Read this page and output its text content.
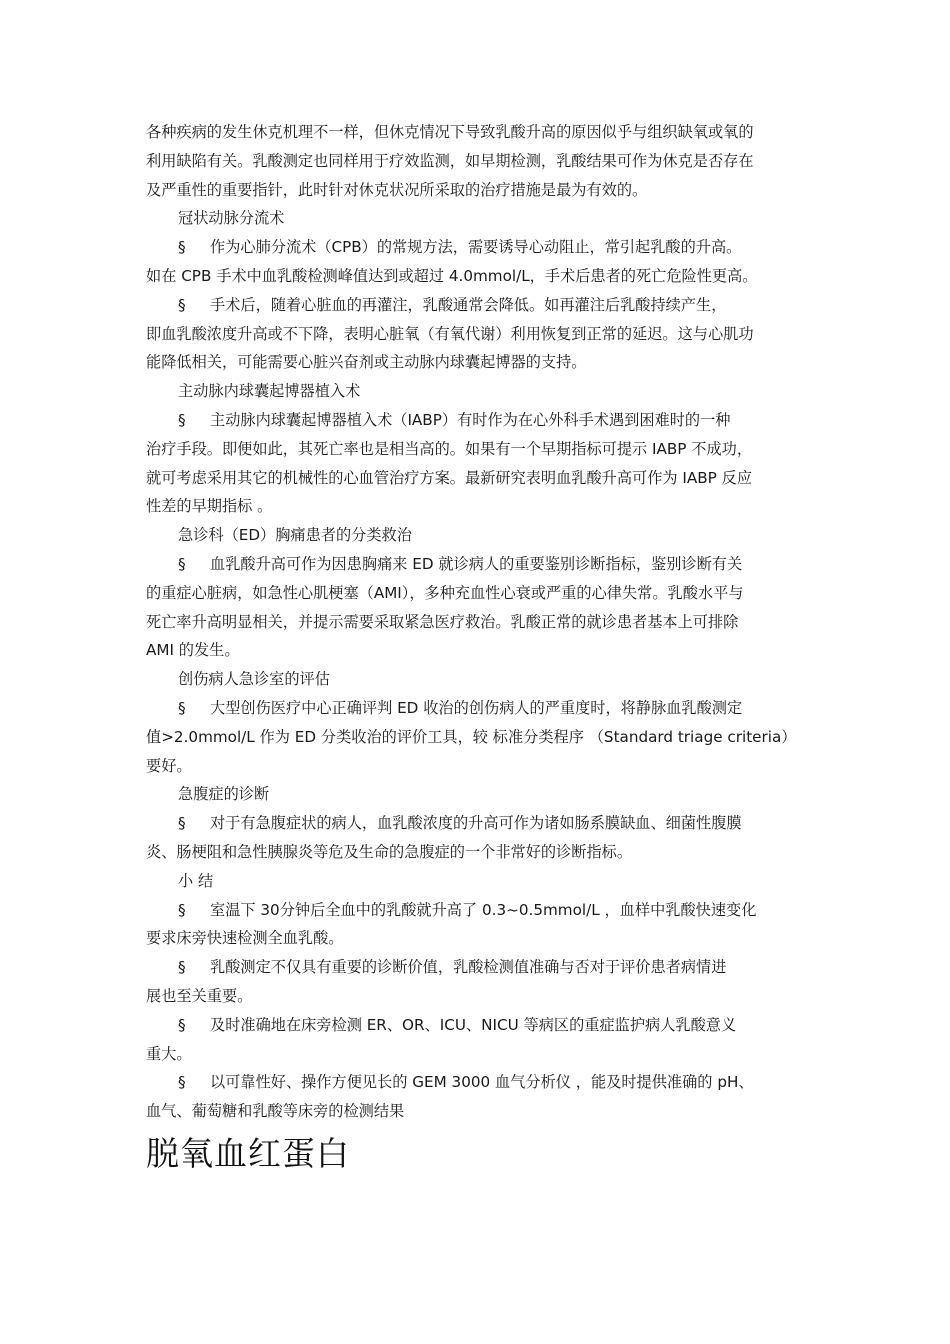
各种疾病的发生休克机理不一样，但休克情况下导致乳酸升高的原因似乎与组织缺氧或氧的
利用缺陷有关。乳酸测定也同样用于疗效监测，如早期检测，乳酸结果可作为休克是否存在
及严重性的重要指针，此时针对休克状况所采取的治疗措施是最为有效的。
冠状动脉分流术
§ 作为心肺分流术（CPB）的常规方法，需要诱导心动阻止，常引起乳酸的升高。
如在 CPB 手术中血乳酸检测峰值达到或超过 4.0mmol/L，手术后患者的死亡危险性更高。
§ 手术后，随着心脏血的再灌注，乳酸通常会降低。如再灌注后乳酸持续产生，
即血乳酸浓度升高或不下降，表明心脏氧（有氧代谢）利用恢复到正常的延迟。这与心肌功
能降低相关，可能需要心脏兴奋剂或主动脉内球囊起博器的支持。
主动脉内球囊起博器植入术
§ 主动脉内球囊起博器植入术（IABP）有时作为在心外科手术遇到困难时的一种
治疗手段。即便如此，其死亡率也是相当高的。如果有一个早期指标可提示 IABP 不成功，
就可考虑采用其它的机械性的心血管治疗方案。最新研究表明血乳酸升高可作为 IABP 反应
性差的早期指标 。
急诊科（ED）胸痛患者的分类救治
§ 血乳酸升高可作为因患胸痛来 ED 就诊病人的重要鉴别诊断指标，鉴别诊断有关
的重症心脏病，如急性心肌梗塞（AMI），多种充血性心衰或严重的心律失常。乳酸水平与
死亡率升高明显相关，并提示需要采取紧急医疗救治。乳酸正常的就诊患者基本上可排除
AMI 的发生。
创伤病人急诊室的评估
§ 大型创伤医疗中心正确评判 ED 收治的创伤病人的严重度时，将静脉血乳酸测定
值>2.0mmol/L 作为 ED 分类收治的评价工具，较 标准分类程序 （Standard triage criteria）
要好。
急腹症的诊断
§ 对于有急腹症状的病人，血乳酸浓度的升高可作为诸如肠系膜缺血、细菌性腹膜
炎、肠梗阻和急性胰腺炎等危及生命的急腹症的一个非常好的诊断指标。
小 结
§ 室温下 30分钟后全血中的乳酸就升高了 0.3~0.5mmol/L ，血样中乳酸快速变化
要求床旁快速检测全血乳酸。
§ 乳酸测定不仅具有重要的诊断价值，乳酸检测值准确与否对于评价患者病情进
展也至关重要。
§ 及时准确地在床旁检测 ER、OR、ICU、NICU 等病区的重症监护病人乳酸意义
重大。
§ 以可靠性好、操作方便见长的 GEM 3000 血气分析仪 ，能及时提供准确的 pH、
血气、葡萄糖和乳酸等床旁的检测结果
脱氧血红蛋白
